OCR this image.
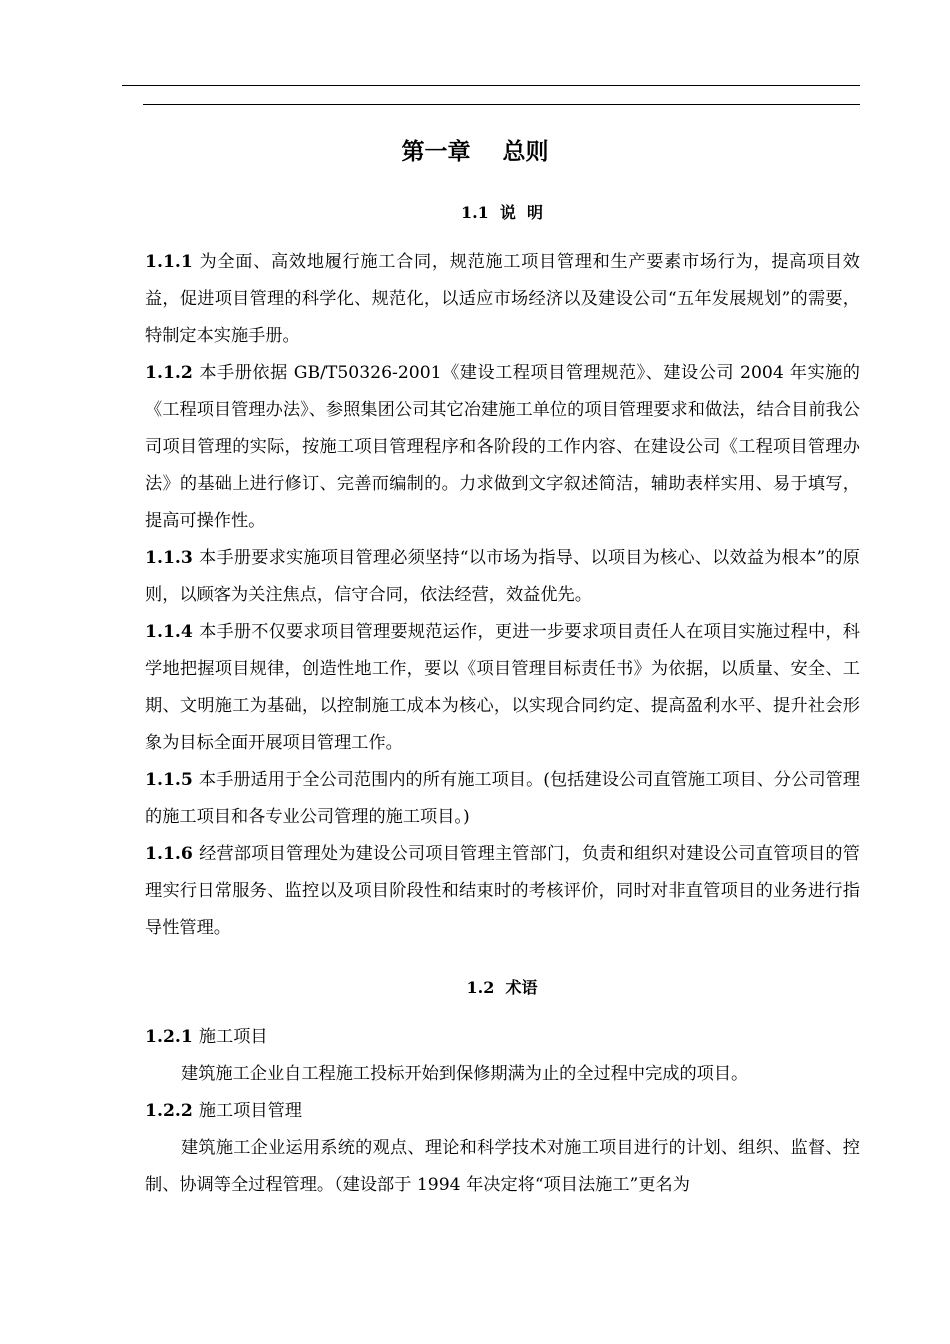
第一章    总则
1.1  说  明

1.1.1 为全面、高效地履行施工合同，规范施工项目管理和生产要素市场行为，提高项目效益，促进项目管理的科学化、规范化，以适应市场经济以及建设公司“五年发展规划”的需要，特制定本实施手册。

1.1.2 本手册依据 GB/T50326-2001《建设工程项目管理规范》、建设公司 2004 年实施的《工程项目管理办法》、参照集团公司其它冶建施工单位的项目管理要求和做法，结合目前我公司项目管理的实际，按施工项目管理程序和各阶段的工作内容、在建设公司《工程项目管理办法》的基础上进行修订、完善而编制的。力求做到文字叙述简洁，辅助表样实用、易于填写，提高可操作性。

1.1.3 本手册要求实施项目管理必须坚持“以市场为指导、以项目为核心、以效益为根本”的原则，以顾客为关注焦点，信守合同，依法经营，效益优先。

1.1.4 本手册不仅要求项目管理要规范运作，更进一步要求项目责任人在项目实施过程中，科学地把握项目规律，创造性地工作，要以《项目管理目标责任书》为依据，以质量、安全、工期、文明施工为基础，以控制施工成本为核心，以实现合同约定、提高盈利水平、提升社会形象为目标全面开展项目管理工作。

1.1.5 本手册适用于全公司范围内的所有施工项目。(包括建设公司直管施工项目、分公司管理的施工项目和各专业公司管理的施工项目。)

1.1.6 经营部项目管理处为建设公司项目管理主管部门，负责和组织对建设公司直管项目的管理实行日常服务、监控以及项目阶段性和结束时的考核评价，同时对非直管项目的业务进行指导性管理。

1.2  术语

1.2.1 施工项目

建筑施工企业自工程施工投标开始到保修期满为止的全过程中完成的项目。

1.2.2 施工项目管理

建筑施工企业运用系统的观点、理论和科学技术对施工项目进行的计划、组织、监督、控制、协调等全过程管理。（建设部于 1994 年决定将“项目法施工”更名为
